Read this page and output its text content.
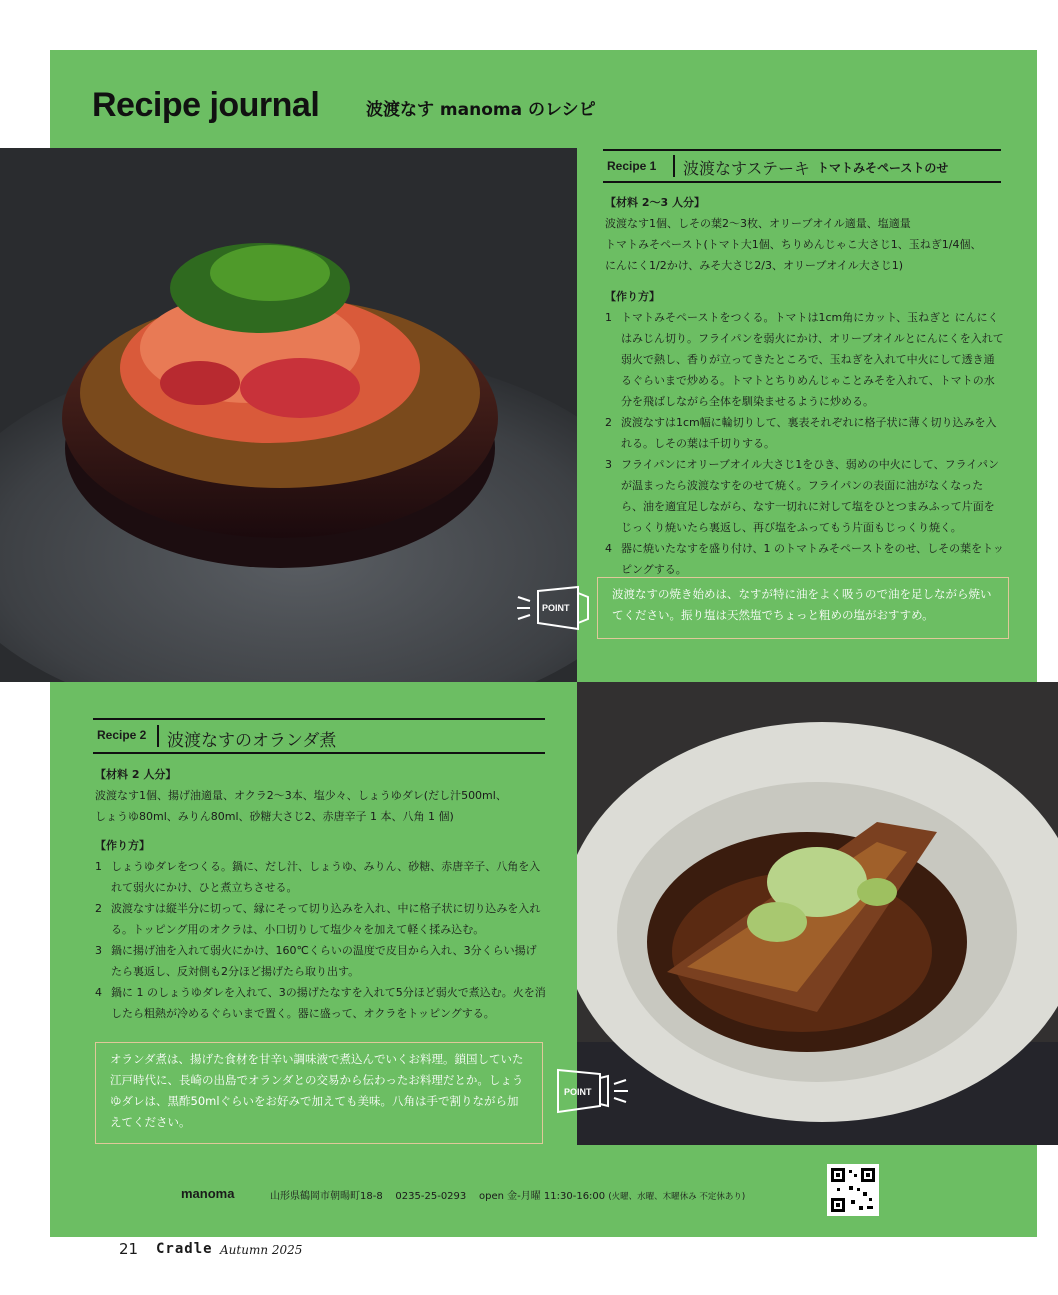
Recipe journal	波渡なす manoma のレシピ
Recipe 1 波渡なすステーキ トマトみそペーストのせ
【材料 2～3 人分】
波渡なす1個、しその葉2～3枚、オリーブオイル適量、塩適量
トマトみそペースト(トマト大1個、ちりめんじゃこ大さじ1、玉ねぎ1/4個、
にんにく1/2かけ、みそ大さじ2/3、オリーブオイル大さじ1)
【作り方】
1 トマトみそペーストをつくる。トマトは1cm角にカット、玉ねぎと にんにくはみじん切り。フライパンを弱火にかけ、オリーブオイルとにんにくを入れて弱火で熱し、香りが立ってきたところで、玉ねぎを入れて中火にして透き通るぐらいまで炒める。トマトとちりめんじゃことみそを入れて、トマトの水分を飛ばしながら全体を馴染ませるように炒める。
2 波渡なすは1cm幅に輪切りして、裏表それぞれに格子状に薄く切り込みを入れる。しその葉は千切りする。
3 フライパンにオリーブオイル大さじ1をひき、弱めの中火にして、フライパンが温まったら波渡なすをのせて焼く。フライパンの表面に油がなくなったら、油を適宜足しながら、なす一切れに対して塩をひとつまみふって片面をじっくり焼いたら裏返し、再び塩をふってもう片面もじっくり焼く。
4 器に焼いたなすを盛り付け、1 のトマトみそペーストをのせ、しその葉をトッピングする。
POINT
波渡なすの焼き始めは、なすが特に油をよく吸うので油を足しながら焼いてください。振り塩は天然塩でちょっと粗めの塩がおすすめ。
Recipe 2 波渡なすのオランダ煮
【材料 2 人分】
波渡なす1個、揚げ油適量、オクラ2～3本、塩少々、しょうゆダレ(だし汁500ml、
しょうゆ80ml、みりん80ml、砂糖大さじ2、赤唐辛子 1 本、八角 1 個)
【作り方】
1 しょうゆダレをつくる。鍋に、だし汁、しょうゆ、みりん、砂糖、赤唐辛子、八角を入れて弱火にかけ、ひと煮立ちさせる。
2 波渡なすは縦半分に切って、縁にそって切り込みを入れ、中に格子状に切り込みを入れる。トッピング用のオクラは、小口切りして塩少々を加えて軽く揉み込む。
3 鍋に揚げ油を入れて弱火にかけ、160℃くらいの温度で皮目から入れ、3分くらい揚げたら裏返し、反対側も2分ほど揚げたら取り出す。
4 鍋に 1 のしょうゆダレを入れて、3の揚げたなすを入れて5分ほど弱火で煮込む。火を消したら粗熱が冷めるぐらいまで置く。器に盛って、オクラをトッピングする。
オランダ煮は、揚げた食材を甘辛い調味液で煮込んでいくお料理。鎖国していた江戸時代に、長崎の出島でオランダとの交易から伝わったお料理だとか。しょうゆダレは、黒酢50mlぐらいをお好みで加えても美味。八角は手で割りながら加えてください。
POINT
manoma	山形県鶴岡市朝暘町18-8 0235-25-0293 open 金-月曜 11:30-16:00 (火曜、水曜、木曜休み 不定休あり)
21 Cradle Autumn 2025
